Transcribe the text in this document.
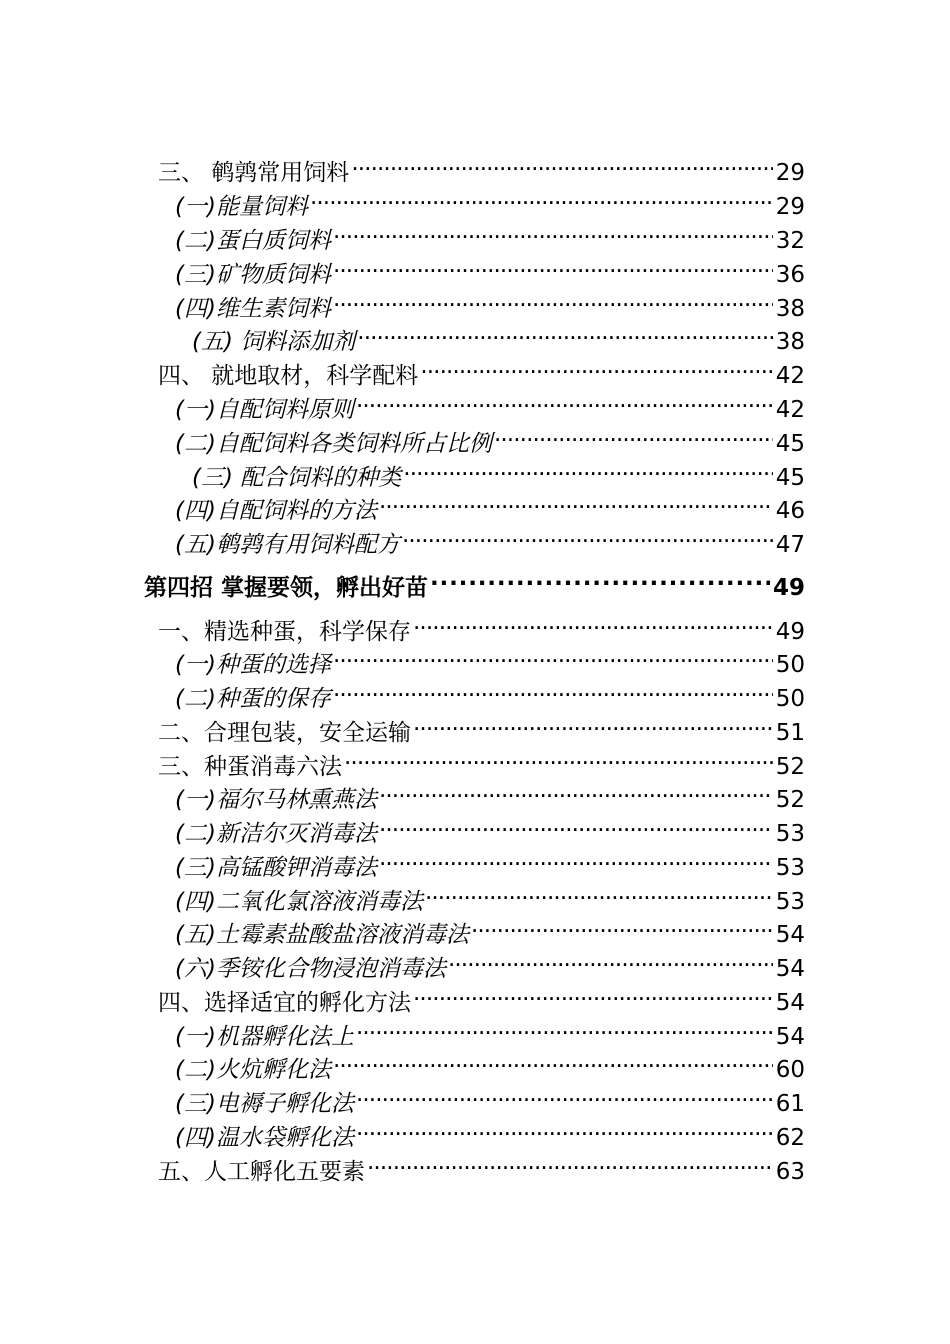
三、 鹌鹑常用饲料 . . .	29
(一)能量饲料 . . .	29
(二)蛋白质饲料 . . .	32
(三)矿物质饲料 . . .	36
(四)维生素饲料 . . .	38
(五) 饲料添加剂 . . .	38
四、 就地取材，科学配料 . . .	42
(一)自配饲料原则 . . .	42
(二)自配饲料各类饲料所占比例 . . .	45
(三) 配合饲料的种类 . . .	45
(四)自配饲料的方法 . . .	46
(五)鹌鹑有用饲料配方 . . .	47
第四招 掌握要领，孵出好苗 . . .	49
一、精选种蛋，科学保存 . . .	49
(一)种蛋的选择 . . .	50
(二)种蛋的保存 . . .	50
二、合理包装，安全运输 . . .	51
三、种蛋消毒六法 . . .	52
(一)福尔马林熏燕法 . . .	52
(二)新洁尔灭消毒法 . . .	53
(三)高锰酸钾消毒法 . . .	53
(四)二氧化氯溶液消毒法 . . .	53
(五)土霉素盐酸盐溶液消毒法 . . .	54
(六)季铵化合物浸泡消毒法 . . .	54
四、选择适宜的孵化方法 . . .	54
(一)机器孵化法上 . . .	54
(二)火炕孵化法 . . .	60
(三)电褥子孵化法 . . .	61
(四)温水袋孵化法 . . .	62
五、人工孵化五要素 . . .	63
